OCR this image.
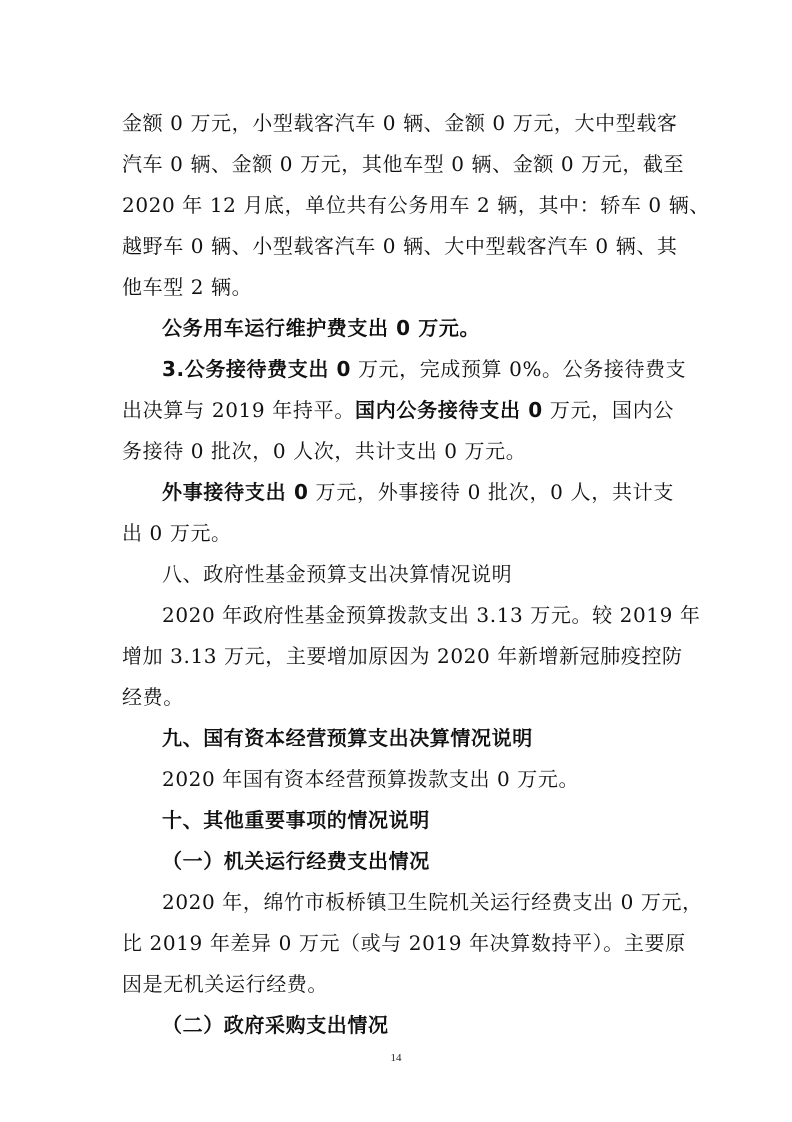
金额 0 万元，小型载客汽车 0 辆、金额 0 万元，大中型载客
汽车 0 辆、金额 0 万元，其他车型 0 辆、金额 0 万元，截至
2020 年 12 月底，单位共有公务用车 2 辆，其中：轿车 0 辆、
越野车 0 辆、小型载客汽车 0 辆、大中型载客汽车 0 辆、其
他车型 2 辆。
公务用车运行维护费支出 0 万元。
3.公务接待费支出 0 万元，完成预算 0%。公务接待费支
出决算与 2019 年持平。国内公务接待支出 0 万元，国内公
务接待 0 批次，0 人次，共计支出 0 万元。
外事接待支出 0 万元，外事接待 0 批次，0 人，共计支
出 0 万元。
八、政府性基金预算支出决算情况说明
2020 年政府性基金预算拨款支出 3.13 万元。较 2019 年
增加 3.13 万元，主要增加原因为 2020 年新增新冠肺疫控防
经费。
九、国有资本经营预算支出决算情况说明
2020 年国有资本经营预算拨款支出 0 万元。
十、其他重要事项的情况说明
（一）机关运行经费支出情况
2020 年，绵竹市板桥镇卫生院机关运行经费支出 0 万元，
比 2019 年差异 0 万元（或与 2019 年决算数持平）。主要原
因是无机关运行经费。
（二）政府采购支出情况
14
